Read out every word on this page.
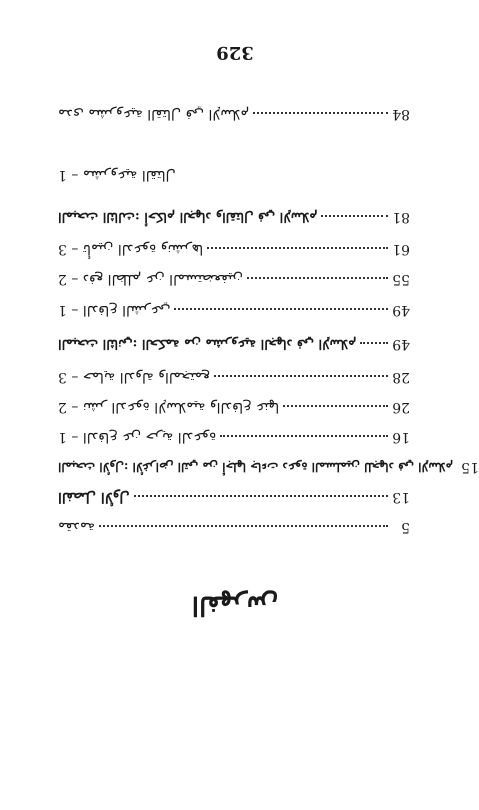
الفهرس
مقدمة	5
الفصل الأول	13
المبحث الأول: الأغراض التي من أجلها جاءت دعوة المسلمين للجهاد في الإسلام 15
1 – الدفاع عن حرية الدعوة	16
2 – نشر الدعوة الإسلامية والدفاع عنها	26
3 – حماية الدولة والمجتمع	28
المبحث الثاني: الحكمة من مشروعية الجهاد في الإسلام	49
1 – الدفاع الشرعي	49
2 – دفع الظلم عن المستضعفين	55
3 – تأمين الدعوة ونشرها	61
المبحث الثالث: أحكام الجهاد والقتال في الإسلام	81
1 – مشروعية القتال
مدى مشروعية القتال في الإسلام	84
329
